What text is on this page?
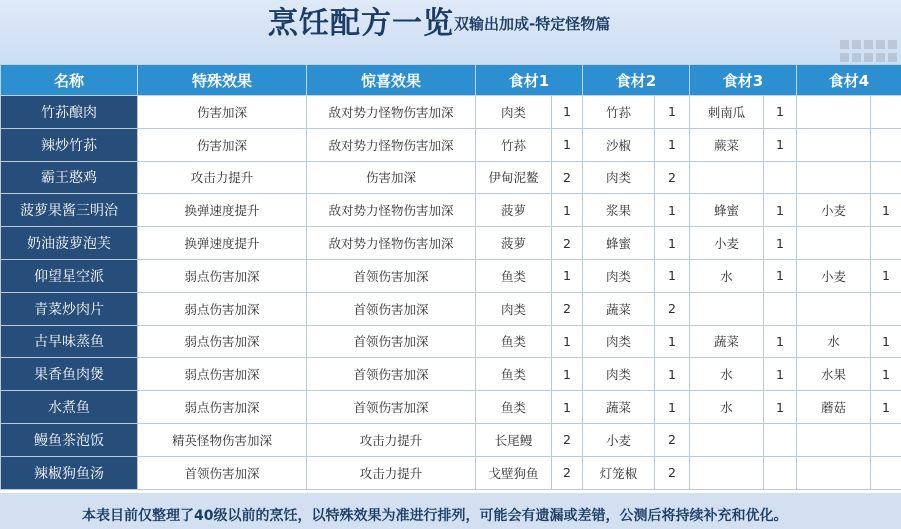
烹饪配方一览 双输出加成-特定怪物篇
名称	特殊效果	惊喜效果	食材1		食材2		食材3		食材4	
竹荪酿肉	伤害加深	敌对势力怪物伤害加深	肉类	1	竹荪	1	刺南瓜	1		
辣炒竹荪	伤害加深	敌对势力怪物伤害加深	竹荪	1	沙椒	1	蕨菜	1		
霸王憨鸡	攻击力提升	伤害加深	伊甸泥鳌	2	肉类	2				
菠萝果酱三明治	换弹速度提升	敌对势力怪物伤害加深	菠萝	1	浆果	1	蜂蜜	1	小麦	1
奶油菠萝泡芙	换弹速度提升	敌对势力怪物伤害加深	菠萝	2	蜂蜜	1	小麦	1		
仰望星空派	弱点伤害加深	首领伤害加深	鱼类	1	肉类	1	水	1	小麦	1
青菜炒肉片	弱点伤害加深	首领伤害加深	肉类	2	蔬菜	2				
古早味蒸鱼	弱点伤害加深	首领伤害加深	鱼类	1	肉类	1	蔬菜	1	水	1
果香鱼肉煲	弱点伤害加深	首领伤害加深	鱼类	1	肉类	1	水	1	水果	1
水煮鱼	弱点伤害加深	首领伤害加深	鱼类	1	蔬菜	1	水	1	蘑菇	1
鳗鱼茶泡饭	精英怪物伤害加深	攻击力提升	长尾鳗	2	小麦	2				
辣椒狗鱼汤	首领伤害加深	攻击力提升	戈壁狗鱼	2	灯笼椒	2				
本表目前仅整理了40级以前的烹饪，以特殊效果为准进行排列，可能会有遗漏或差错，公测后将持续补充和优化。
